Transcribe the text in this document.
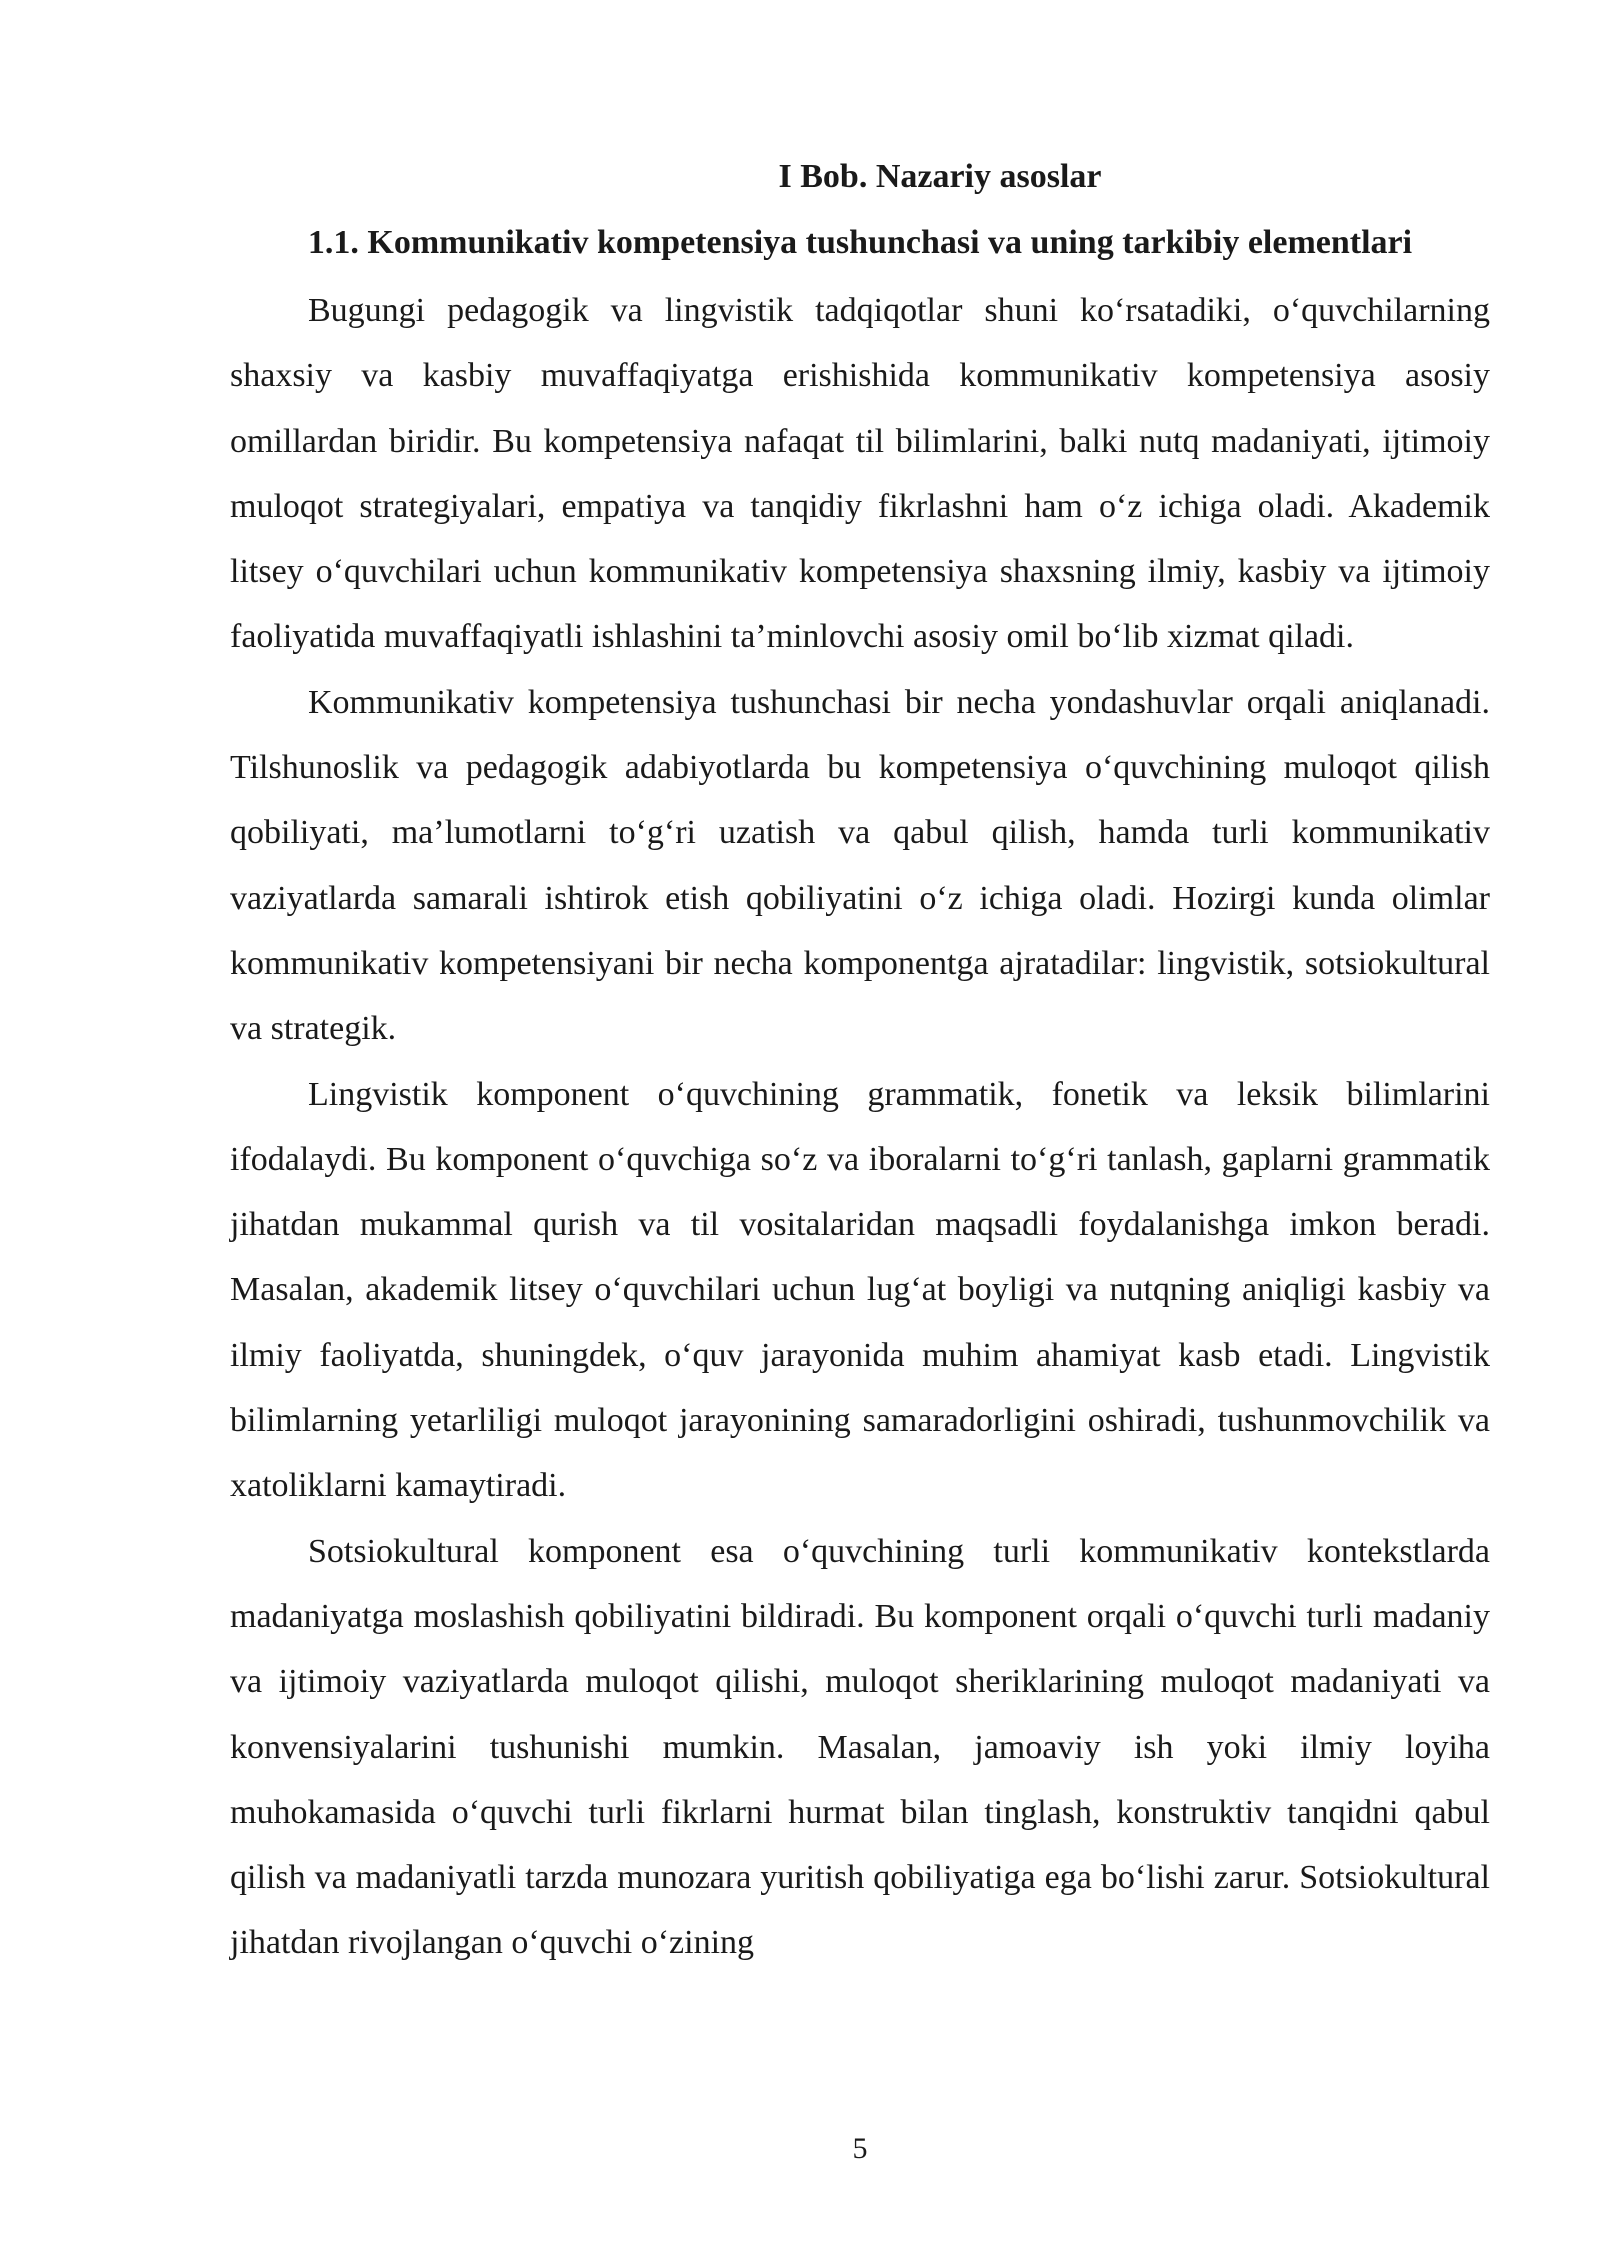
I Bob. Nazariy asoslar
1.1. Kommunikativ kompetensiya tushunchasi va uning tarkibiy elementlari

Bugungi pedagogik va lingvistik tadqiqotlar shuni ko‘rsatadiki, o‘quvchilarning shaxsiy va kasbiy muvaffaqiyatga erishishida kommunikativ kompetensiya asosiy omillardan biridir. Bu kompetensiya nafaqat til bilimlarini, balki nutq madaniyati, ijtimoiy muloqot strategiyalari, empatiya va tanqidiy fikrlashni ham o‘z ichiga oladi. Akademik litsey o‘quvchilari uchun kommunikativ kompetensiya shaxsning ilmiy, kasbiy va ijtimoiy faoliyatida muvaffaqiyatli ishlashini ta’minlovchi asosiy omil bo‘lib xizmat qiladi.

Kommunikativ kompetensiya tushunchasi bir necha yondashuvlar orqali aniqlanadi. Tilshunoslik va pedagogik adabiyotlarda bu kompetensiya o‘quvchining muloqot qilish qobiliyati, ma’lumotlarni to‘g‘ri uzatish va qabul qilish, hamda turli kommunikativ vaziyatlarda samarali ishtirok etish qobiliyatini o‘z ichiga oladi. Hozirgi kunda olimlar kommunikativ kompetensiyani bir necha komponentga ajratadilar: lingvistik, sotsiokultural va strategik.

Lingvistik komponent o‘quvchining grammatik, fonetik va leksik bilimlarini ifodalaydi. Bu komponent o‘quvchiga so‘z va iboralarni to‘g‘ri tanlash, gaplarni grammatik jihatdan mukammal qurish va til vositalaridan maqsadli foydalanishga imkon beradi. Masalan, akademik litsey o‘quvchilari uchun lug‘at boyligi va nutqning aniqligi kasbiy va ilmiy faoliyatda, shuningdek, o‘quv jarayonida muhim ahamiyat kasb etadi. Lingvistik bilimlarning yetarliligi muloqot jarayonining samaradorligini oshiradi, tushunmovchilik va xatoliklarni kamaytiradi.

Sotsiokultural komponent esa o‘quvchining turli kommunikativ kontekstlarda madaniyatga moslashish qobiliyatini bildiradi. Bu komponent orqali o‘quvchi turli madaniy va ijtimoiy vaziyatlarda muloqot qilishi, muloqot sheriklarining muloqot madaniyati va konvensiyalarini tushunishi mumkin. Masalan, jamoaviy ish yoki ilmiy loyiha muhokamasida o‘quvchi turli fikrlarni hurmat bilan tinglash, konstruktiv tanqidni qabul qilish va madaniyatli tarzda munozara yuritish qobiliyatiga ega bo‘lishi zarur. Sotsiokultural jihatdan rivojlangan o‘quvchi o‘zining

5
